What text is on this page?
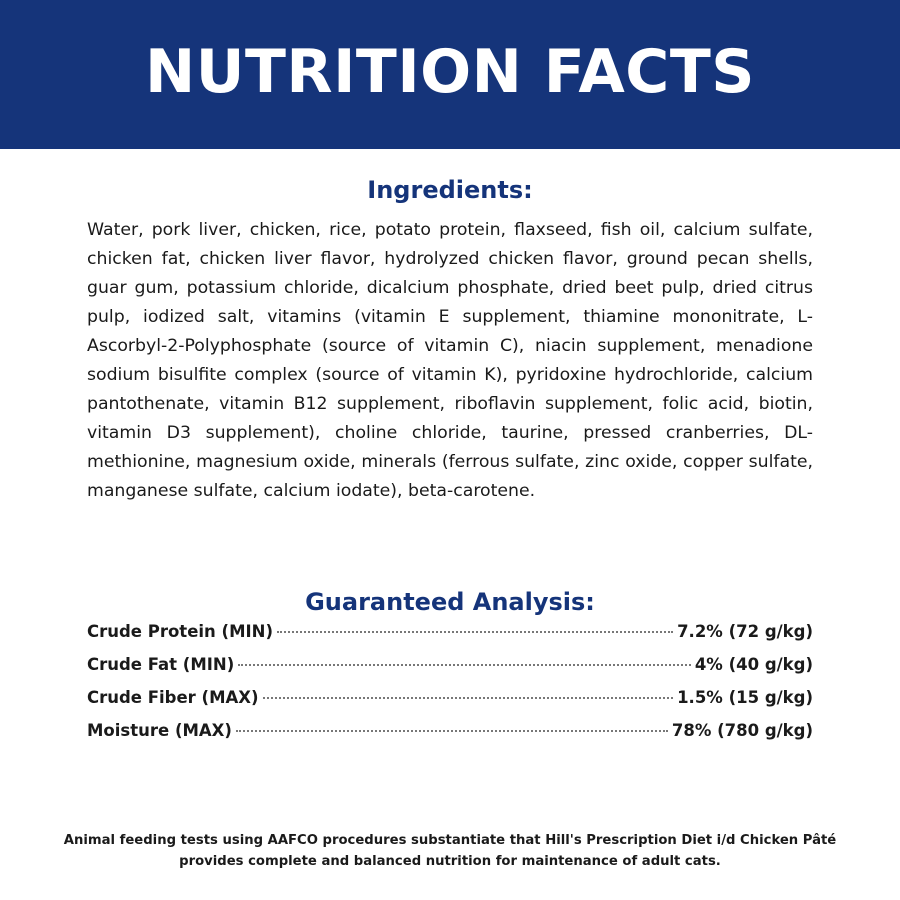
NUTRITION FACTS
Ingredients:

Water, pork liver, chicken, rice, potato protein, flaxseed, fish oil, calcium sulfate, chicken fat, chicken liver flavor, hydrolyzed chicken flavor, ground pecan shells, guar gum, potassium chloride, dicalcium phosphate, dried beet pulp, dried citrus pulp, iodized salt, vitamins (vitamin E supplement, thiamine mononitrate, L-Ascorbyl-2-Polyphosphate (source of vitamin C), niacin supplement, menadione sodium bisulfite complex (source of vitamin K), pyridoxine hydrochloride, calcium pantothenate, vitamin B12 supplement, riboflavin supplement, folic acid, biotin, vitamin D3 supplement), choline chloride, taurine, pressed cranberries, DL-methionine, magnesium oxide, minerals (ferrous sulfate, zinc oxide, copper sulfate, manganese sulfate, calcium iodate), beta-carotene.

Guaranteed Analysis:
Crude Protein (MIN)	7.2% (72 g/kg)
Crude Fat (MIN)	4% (40 g/kg)
Crude Fiber (MAX)	1.5% (15 g/kg)
Moisture (MAX)	78% (780 g/kg)
Animal feeding tests using AAFCO procedures substantiate that Hill's Prescription Diet i/d Chicken Pâté
provides complete and balanced nutrition for maintenance of adult cats.
